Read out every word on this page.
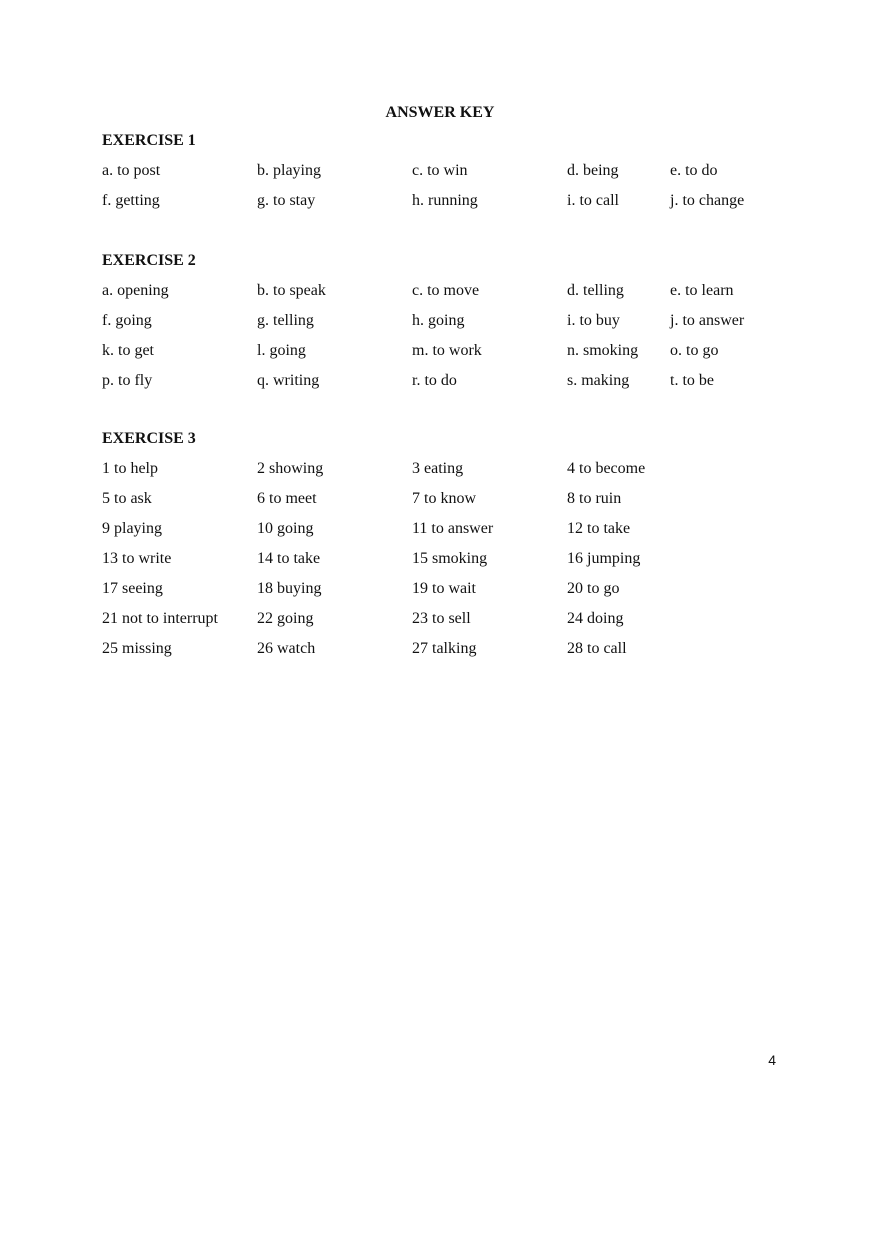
ANSWER KEY
EXERCISE 1
a. to post	b. playing	c. to win	d. being	e. to do
f. getting	g. to stay	h. running	i. to call	j. to change
EXERCISE 2
a. opening	b. to speak	c. to move	d. telling	e. to learn
f. going	g. telling	h. going	i. to buy	j. to answer
k. to get	l. going	m. to work	n. smoking	o. to go
p. to fly	q. writing	r. to do	s. making	t. to be
EXERCISE 3
1 to help	2 showing	3 eating	4 to become
5 to ask	6 to meet	7 to know	8 to ruin
9 playing	10 going	11 to answer	12 to take
13 to write	14 to take	15 smoking	16 jumping
17 seeing	18 buying	19 to wait	20 to go
21 not to interrupt	22 going	23 to sell	24 doing
25 missing	26 watch	27 talking	28 to call
4
